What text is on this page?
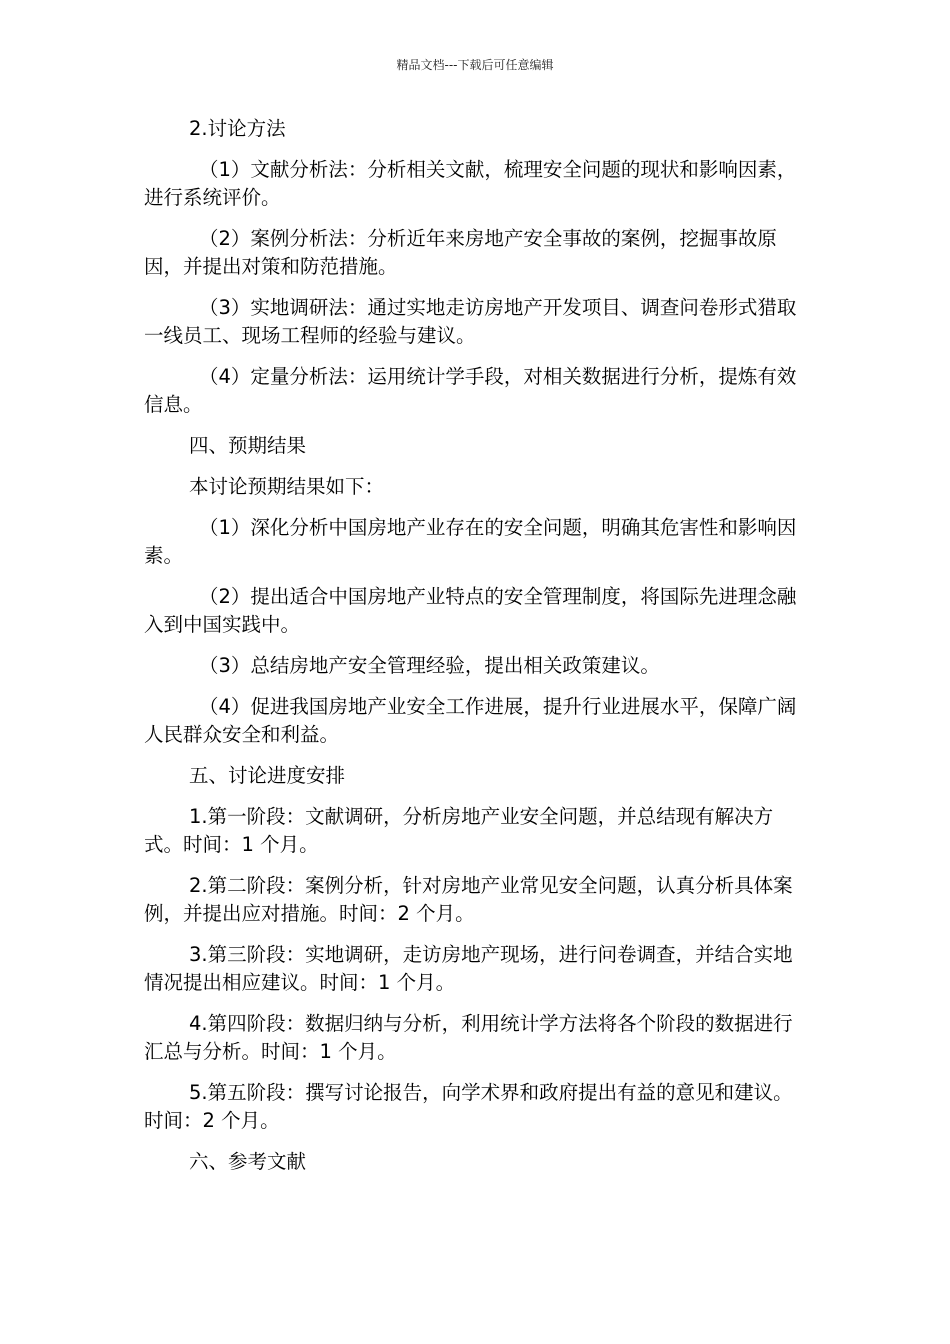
精品文档---下载后可任意编辑

2.讨论方法

（1）文献分析法：分析相关文献，梳理安全问题的现状和影响因素，进行系统评价。

（2）案例分析法：分析近年来房地产安全事故的案例，挖掘事故原因，并提出对策和防范措施。

（3）实地调研法：通过实地走访房地产开发项目、调查问卷形式猎取一线员工、现场工程师的经验与建议。

（4）定量分析法：运用统计学手段，对相关数据进行分析，提炼有效信息。

四、预期结果

本讨论预期结果如下：

（1）深化分析中国房地产业存在的安全问题，明确其危害性和影响因素。

（2）提出适合中国房地产业特点的安全管理制度，将国际先进理念融入到中国实践中。

（3）总结房地产安全管理经验，提出相关政策建议。

（4）促进我国房地产业安全工作进展，提升行业进展水平，保障广阔人民群众安全和利益。

五、讨论进度安排

1.第一阶段：文献调研，分析房地产业安全问题，并总结现有解决方式。时间：1 个月。

2.第二阶段：案例分析，针对房地产业常见安全问题，认真分析具体案例，并提出应对措施。时间：2 个月。

3.第三阶段：实地调研，走访房地产现场，进行问卷调查，并结合实地情况提出相应建议。时间：1 个月。

4.第四阶段：数据归纳与分析，利用统计学方法将各个阶段的数据进行汇总与分析。时间：1 个月。

5.第五阶段：撰写讨论报告，向学术界和政府提出有益的意见和建议。时间：2 个月。

六、参考文献
